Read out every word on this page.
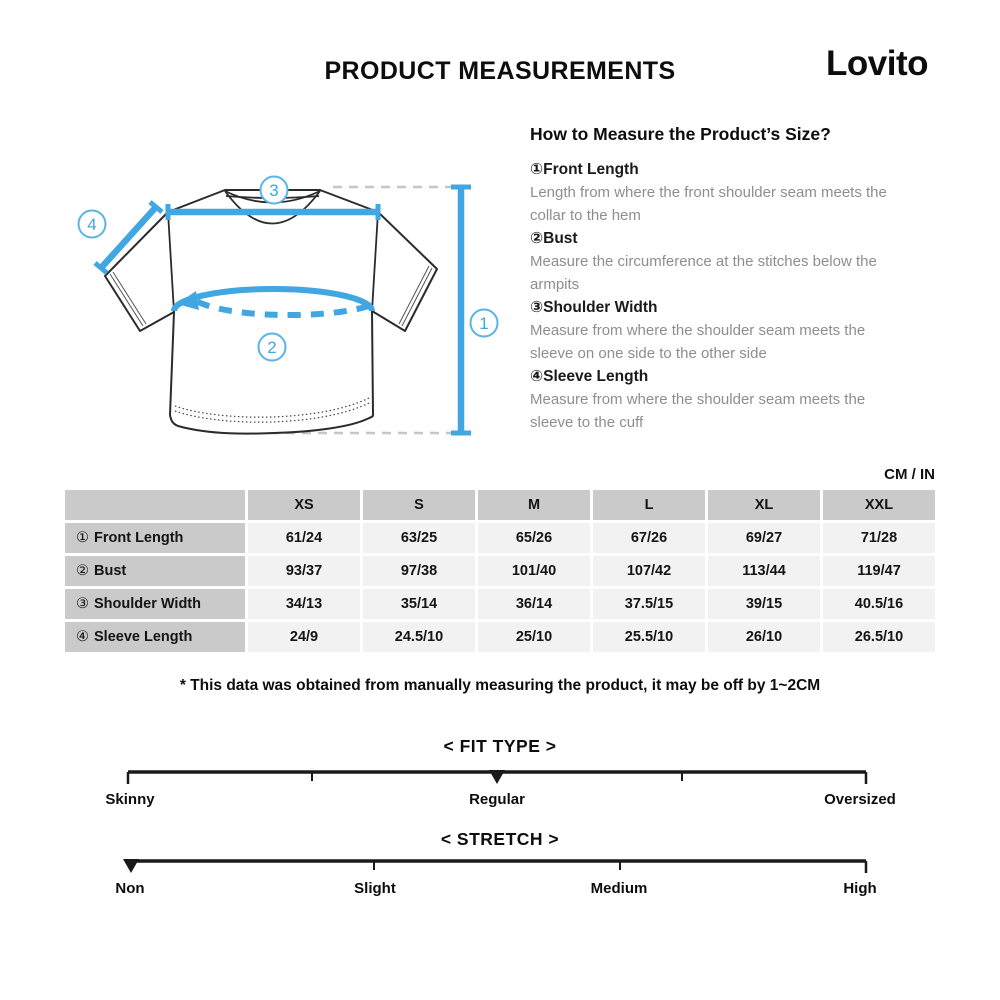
PRODUCT MEASUREMENTS	Lovito
1
2
3
4
How to Measure the Product’s Size?
①Front Length
Length from where the front shoulder seam meets the collar to the hem
②Bust
Measure the circumference at the stitches below the armpits
③Shoulder Width
Measure from where the shoulder seam meets the sleeve on one side to the other side
④Sleeve Length
Measure from where the shoulder seam meets the sleeve to the cuff
CM / IN
XS	S	M	L	XL	XXL
① Front Length	61/24	63/25	65/26	67/26	69/27	71/28
② Bust	93/37	97/38	101/40	107/42	113/44	119/47
③ Shoulder Width	34/13	35/14	36/14	37.5/15	39/15	40.5/16
④ Sleeve Length	24/9	24.5/10	25/10	25.5/10	26/10	26.5/10
* This data was obtained from manually measuring the product, it may be off by 1~2CM
< FIT TYPE >
Skinny	Regular	Oversized
< STRETCH >
Non	Slight	Medium	High
